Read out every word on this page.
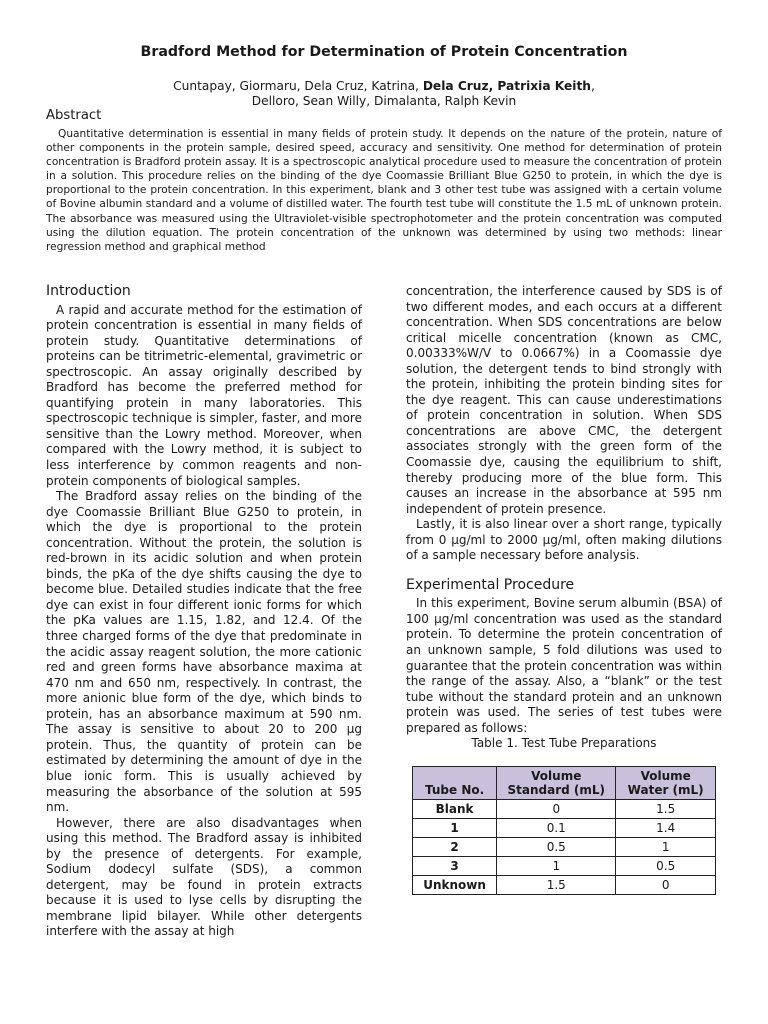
Bradford Method for Determination of Protein Concentration
Cuntapay, Giormaru, Dela Cruz, Katrina, Dela Cruz, Patrixia Keith,
Delloro, Sean Willy, Dimalanta, Ralph Kevin
Abstract
Quantitative determination is essential in many fields of protein study. It depends on the nature of the protein, nature of other components in the protein sample, desired speed, accuracy and sensitivity. One method for determination of protein concentration is Bradford protein assay. It is a spectroscopic analytical procedure used to measure the concentration of protein in a solution. This procedure relies on the binding of the dye Coomassie Brilliant Blue G250 to protein, in which the dye is proportional to the protein concentration. In this experiment, blank and 3 other test tube was assigned with a certain volume of Bovine albumin standard and a volume of distilled water. The fourth test tube will constitute the 1.5 mL of unknown protein. The absorbance was measured using the Ultraviolet-visible spectrophotometer and the protein concentration was computed using the dilution equation. The protein concentration of the unknown was determined by using two methods: linear regression method and graphical method
Introduction

A rapid and accurate method for the estimation of protein concentration is essential in many fields of protein study. Quantitative determinations of proteins can be titrimetric-elemental, gravimetric or spectroscopic. An assay originally described by Bradford has become the preferred method for quantifying protein in many laboratories. This spectroscopic technique is simpler, faster, and more sensitive than the Lowry method. Moreover, when compared with the Lowry method, it is subject to less interference by common reagents and non-protein components of biological samples.

The Bradford assay relies on the binding of the dye Coomassie Brilliant Blue G250 to protein, in which the dye is proportional to the protein concentration. Without the protein, the solution is red-brown in its acidic solution and when protein binds, the pKa of the dye shifts causing the dye to become blue. Detailed studies indicate that the free dye can exist in four different ionic forms for which the pKa values are 1.15, 1.82, and 12.4. Of the three charged forms of the dye that predominate in the acidic assay reagent solution, the more cationic red and green forms have absorbance maxima at 470 nm and 650 nm, respectively. In contrast, the more anionic blue form of the dye, which binds to protein, has an absorbance maximum at 590 nm. The assay is sensitive to about 20 to 200 µg protein. Thus, the quantity of protein can be estimated by determining the amount of dye in the blue ionic form. This is usually achieved by measuring the absorbance of the solution at 595 nm.

However, there are also disadvantages when using this method. The Bradford assay is inhibited by the presence of detergents. For example, Sodium dodecyl sulfate (SDS), a common detergent, may be found in protein extracts because it is used to lyse cells by disrupting the membrane lipid bilayer. While other detergents interfere with the assay at high

concentration, the interference caused by SDS is of two different modes, and each occurs at a different concentration. When SDS concentrations are below critical micelle concentration (known as CMC, 0.00333%W/V to 0.0667%) in a Coomassie dye solution, the detergent tends to bind strongly with the protein, inhibiting the protein binding sites for the dye reagent. This can cause underestimations of protein concentration in solution. When SDS concentrations are above CMC, the detergent associates strongly with the green form of the Coomassie dye, causing the equilibrium to shift, thereby producing more of the blue form. This causes an increase in the absorbance at 595 nm independent of protein presence.

Lastly, it is also linear over a short range, typically from 0 µg/ml to 2000 µg/ml, often making dilutions of a sample necessary before analysis.

Experimental Procedure

In this experiment, Bovine serum albumin (BSA) of 100 µg/ml concentration was used as the standard protein. To determine the protein concentration of an unknown sample, 5 fold dilutions was used to guarantee that the protein concentration was within the range of the assay. Also, a “blank” or the test tube without the standard protein and an unknown protein was used. The series of test tubes were prepared as follows:

Table 1. Test Tube Preparations

Tube No.	Volume Standard (mL)	Volume Water (mL)
Blank	0	1.5
1	0.1	1.4
2	0.5	1
3	1	0.5
Unknown	1.5	0
